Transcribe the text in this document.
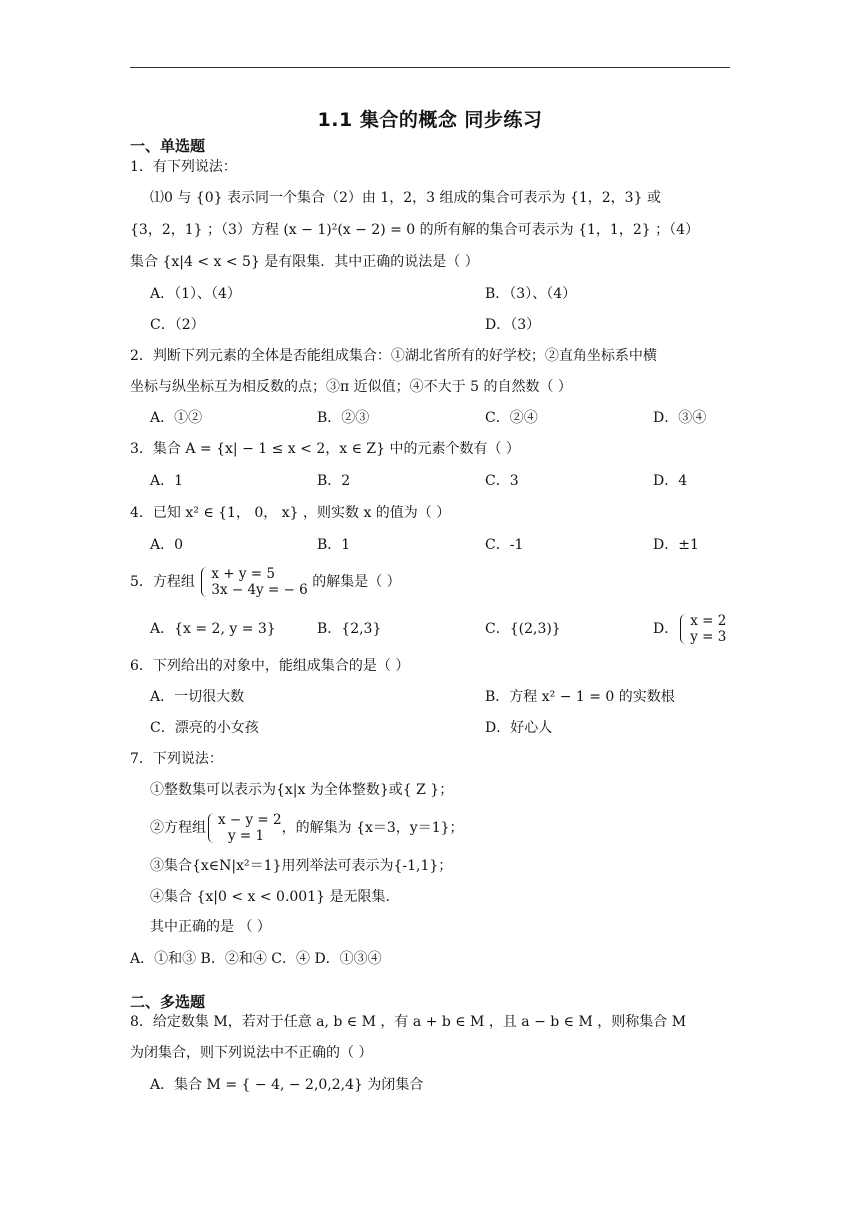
1.1 集合的概念 同步练习
一、单选题
1．有下列说法：
⑴0 与 {0} 表示同一个集合（2）由 1，2，3 组成的集合可表示为 {1，2，3} 或
{3，2，1} ；（3）方程 (x − 1)²(x − 2) = 0 的所有解的集合可表示为 {1，1，2} ；（4）
集合 {x|4 < x < 5} 是有限集．其中正确的说法是（ ）
A．（1）、（4）	B．（3）、（4）
C．（2）	D．（3）
2．判断下列元素的全体是否能组成集合：①湖北省所有的好学校；②直角坐标系中横
坐标与纵坐标互为相反数的点；③π 近似值；④不大于 5 的自然数（ ）
A．①②	B．②③	C．②④	D．③④
3．集合 A = {x| − 1 ≤ x < 2，x ∈ Z} 中的元素个数有（ ）
A．1	B．2	C．3	D．4
4．已知 x² ∈ {1， 0， x} ，则实数 x 的值为（ ）
A．0	B．1	C．-1	D．±1
5．方程组 x + y = 5
3x − 4y = − 6 的解集是（ ）
A．{x = 2, y = 3}	B．{2,3}	C．{(2,3)}	D． x = 2
y = 3
6．下列给出的对象中，能组成集合的是（ ）
A．一切很大数	B．方程 x² − 1 = 0 的实数根
C．漂亮的小女孩	D．好心人
7．下列说法：
①整数集可以表示为{x|x 为全体整数}或{ Z }；
②方程组 x − y = 2
y = 1	，的解集为 {x＝3，y＝1}；
③集合{x∈N|x²＝1}用列举法可表示为{-1,1}；
④集合 {x|0 < x < 0.001} 是无限集.
其中正确的是 （ ）
A．①和③ B．②和④ C．④ D．①③④
二、多选题
8．给定数集 M，若对于任意 a, b ∈ M ，有 a + b ∈ M ，且 a − b ∈ M ，则称集合 M
为闭集合，则下列说法中不正确的（ ）
A．集合 M = { − 4, − 2,0,2,4} 为闭集合
